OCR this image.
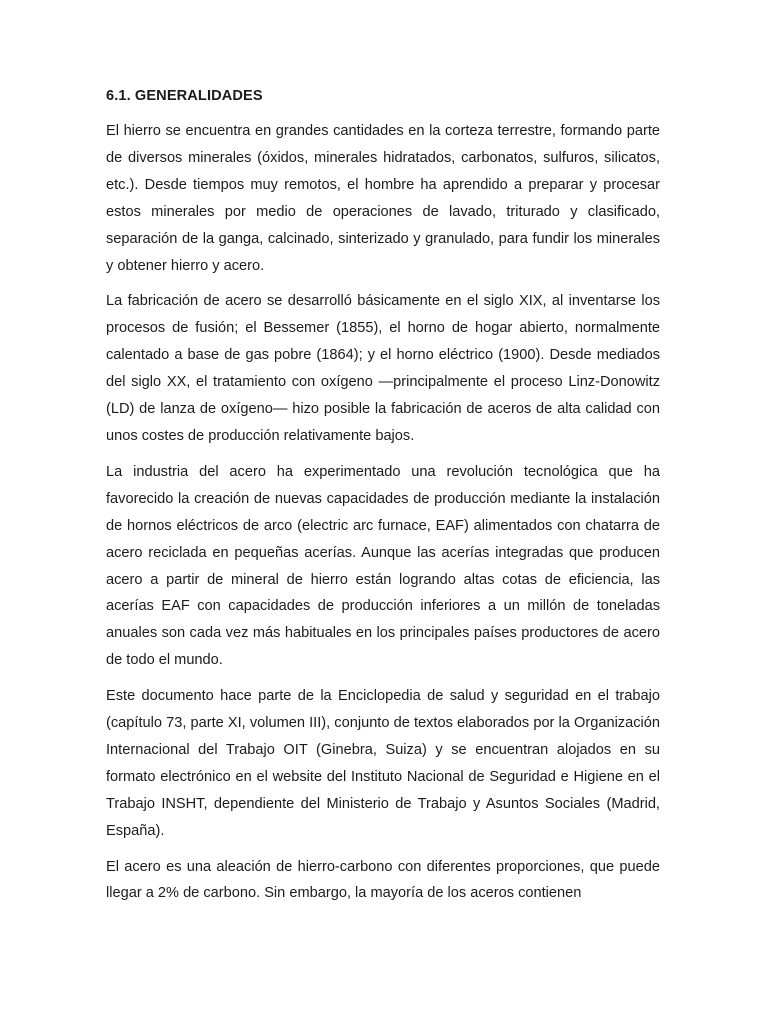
6.1. GENERALIDADES

El hierro se encuentra en grandes cantidades en la corteza terrestre, formando parte de diversos minerales (óxidos, minerales hidratados, carbonatos, sulfuros, silicatos, etc.). Desde tiempos muy remotos, el hombre ha aprendido a preparar y procesar estos minerales por medio de operaciones de lavado, triturado y clasificado, separación de la ganga, calcinado, sinterizado y granulado, para fundir los minerales y obtener hierro y acero.

La fabricación de acero se desarrolló básicamente en el siglo XIX, al inventarse los procesos de fusión; el Bessemer (1855), el horno de hogar abierto, normalmente calentado a base de gas pobre (1864); y el horno eléctrico (1900). Desde mediados del siglo XX, el tratamiento con oxígeno —principalmente el proceso Linz-Donowitz (LD) de lanza de oxígeno— hizo posible la fabricación de aceros de alta calidad con unos costes de producción relativamente bajos.

La industria del acero ha experimentado una revolución tecnológica que ha favorecido la creación de nuevas capacidades de producción mediante la instalación de hornos eléctricos de arco (electric arc furnace, EAF) alimentados con chatarra de acero reciclada en pequeñas acerías. Aunque las acerías integradas que producen acero a partir de mineral de hierro están logrando altas cotas de eficiencia, las acerías EAF con capacidades de producción inferiores a un millón de toneladas anuales son cada vez más habituales en los principales países productores de acero de todo el mundo.

Este documento hace parte de la Enciclopedia de salud y seguridad en el trabajo (capítulo 73, parte XI, volumen III), conjunto de textos elaborados por la Organización Internacional del Trabajo OIT (Ginebra, Suiza) y se encuentran alojados en su formato electrónico en el website del Instituto Nacional de Seguridad e Higiene en el Trabajo INSHT, dependiente del Ministerio de Trabajo y Asuntos Sociales (Madrid, España).

El acero es una aleación de hierro-carbono con diferentes proporciones, que puede llegar a 2% de carbono. Sin embargo, la mayoría de los aceros contienen
